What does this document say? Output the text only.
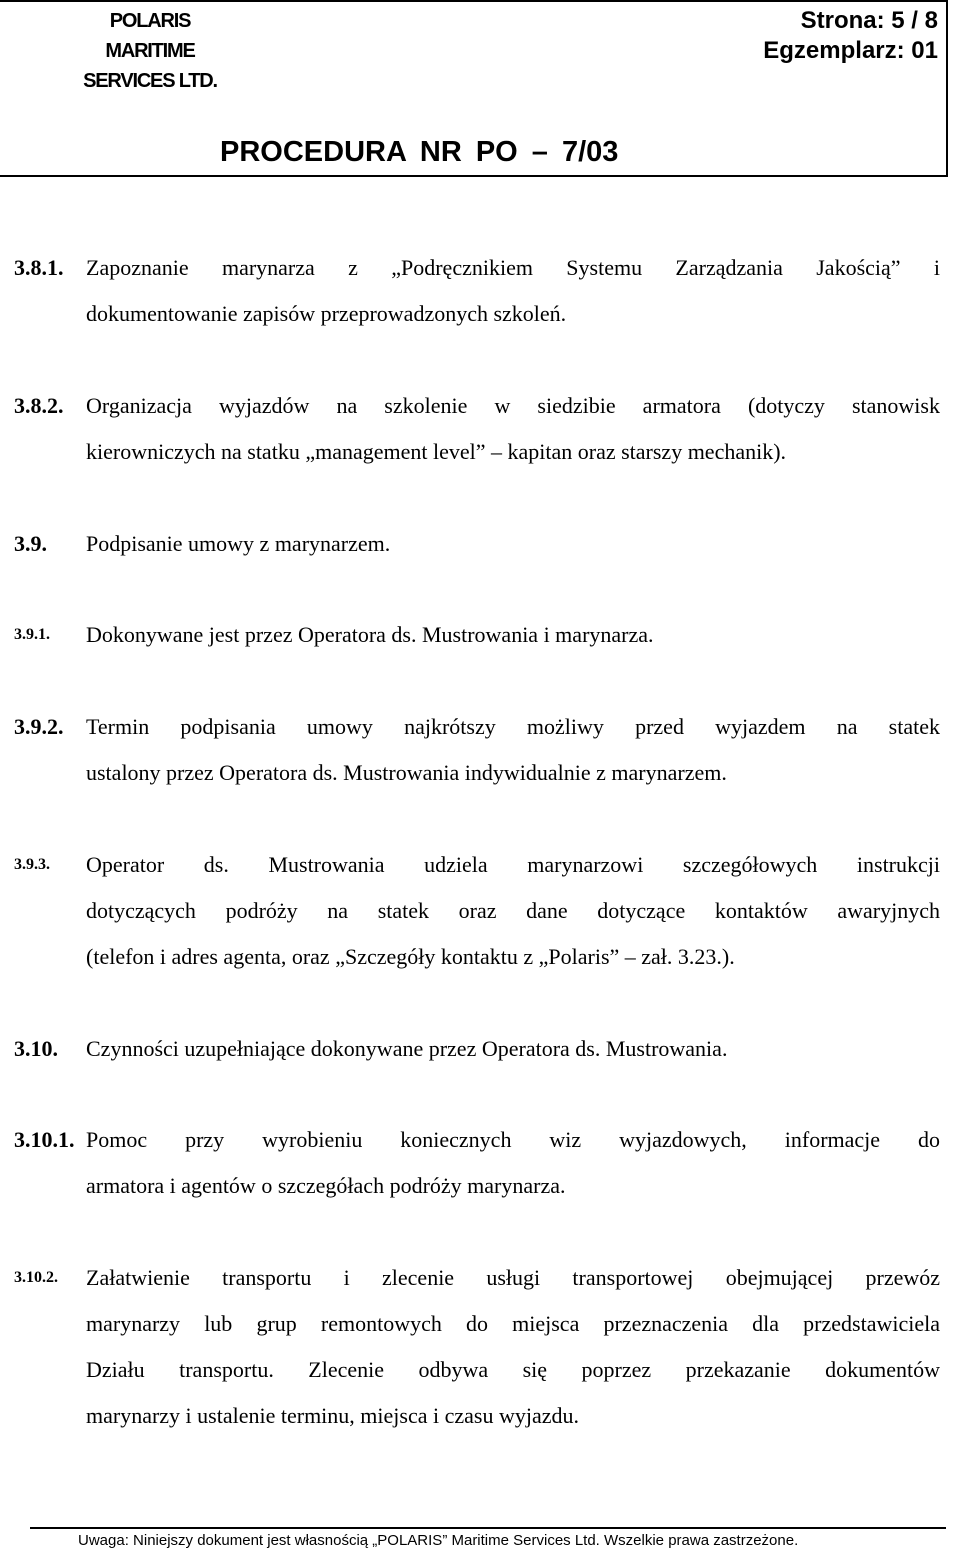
POLARIS
MARITIME
SERVICES LTD.
Strona: 5 / 8
Egzemplarz: 01
PROCEDURA NR PO – 7/03
3.8.1. Zapoznanie marynarza z „Podręcznikiem Systemu Zarządzania Jakością” i
dokumentowanie zapisów przeprowadzonych szkoleń.
3.8.2. Organizacja wyjazdów na szkolenie w siedzibie armatora (dotyczy stanowisk
kierowniczych na statku „management level” – kapitan oraz starszy mechanik).
3.9. Podpisanie umowy z marynarzem.
3.9.1. Dokonywane jest przez Operatora ds. Mustrowania i marynarza.
3.9.2. Termin podpisania umowy najkrótszy możliwy przed wyjazdem na statek
ustalony przez Operatora ds. Mustrowania indywidualnie z marynarzem.
3.9.3. Operator ds. Mustrowania udziela marynarzowi szczegółowych instrukcji
dotyczących podróży na statek oraz dane dotyczące kontaktów awaryjnych
(telefon i adres agenta, oraz „Szczegóły kontaktu z „Polaris” – zał. 3.23.).
3.10. Czynności uzupełniające dokonywane przez Operatora ds. Mustrowania.
3.10.1. Pomoc przy wyrobieniu koniecznych wiz wyjazdowych, informacje do
armatora i agentów o szczegółach podróży marynarza.
3.10.2. Załatwienie transportu i zlecenie usługi transportowej obejmującej przewóz
marynarzy lub grup remontowych do miejsca przeznaczenia dla przedstawiciela
Działu transportu. Zlecenie odbywa się poprzez przekazanie dokumentów
marynarzy i ustalenie terminu, miejsca i czasu wyjazdu.
Uwaga: Niniejszy dokument jest własnością „POLARIS” Maritime Services Ltd. Wszelkie prawa zastrzeżone.
